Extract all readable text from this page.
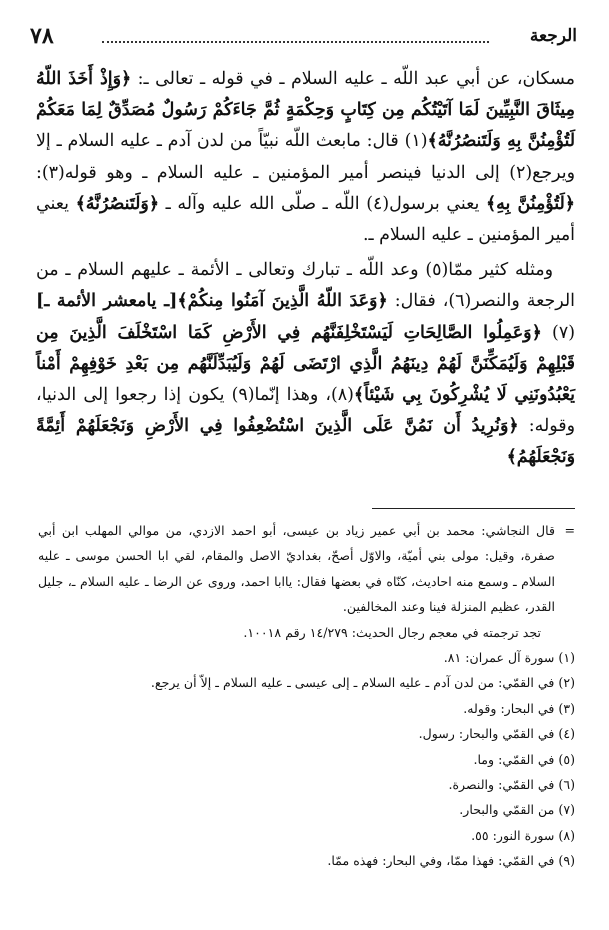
الرجعة
٧٨

مسكان، عن أبي عبد اللّه ـ عليه السلام ـ في قوله ـ تعالى ـ: ﴿وَإِذْ أَخَذَ اللّهُ مِيثَاقَ النَّبِيِّينَ لَمَا آتَيْتُكُم مِن كِتَابٍ وَحِكْمَةٍ ثُمَّ جَاءَكُمْ رَسُولٌ مُصَدِّقٌ لِمَا مَعَكُمْ لَتُؤْمِنُنَّ بِهِ وَلَتَنصُرُنَّهُ﴾(١) قال: مابعث اللّه نبيّاً من لدن آدم ـ عليه السلام ـ إلا ويرجع(٢) إلى الدنيا فينصر أمير المؤمنين ـ عليه السلام ـ وهو قوله(٣): ﴿لَتُؤْمِنُنَّ بِهِ﴾ يعني برسول(٤) اللّه ـ صلّى الله عليه وآله ـ ﴿وَلَتَنصُرُنَّهُ﴾ يعني أمير المؤمنين ـ عليه السلام ـ.

ومثله كثير ممّا(٥) وعد اللّه ـ تبارك وتعالى ـ الأئمة ـ عليهم السلام ـ من الرجعة والنصر(٦)، فقال: ﴿وَعَدَ اللّهُ الَّذِينَ آمَنُوا مِنكُمْ﴾[ـ يامعشر الأئمة ـ](٧) ﴿وَعَمِلُوا الصَّالِحَاتِ لَيَسْتَخْلِفَنَّهُم فِي الأَرْضِ كَمَا اسْتَخْلَفَ الَّذِينَ مِن قَبْلِهِمْ وَلَيُمَكِّنَنَّ لَهُمْ دِينَهُمُ الَّذِي ارْتَضَى لَهُمْ وَلَيُبَدِّلَنَّهُم مِن بَعْدِ خَوْفِهِمْ أَمْناً يَعْبُدُونَنِي لَا يُشْرِكُونَ بِي شَيْئاً﴾(٨)، وهذا إنّما(٩) يكون إذا رجعوا إلى الدنيا، وقوله: ﴿وَنُرِيدُ أَن نَمُنَّ عَلَى الَّذِينَ اسْتُضْعِفُوا فِي الأَرْضِ وَنَجْعَلَهُمْ أَئِمَّةً وَنَجْعَلَهُمُ﴾

=

قال النجاشي: محمد بن أبي عمير زياد بن عيسى، أبو احمد الازدي، من موالي المهلب ابن أبي صفرة، وقيل: مولى بني أميّة، والاوّل أصحّ، بغداديّ الاصل والمقام، لقي ابا الحسن موسى ـ عليه السلام ـ وسمع منه احاديث، كنّاه في بعضها فقال: ياابا احمد، وروى عن الرضا ـ عليه السلام ـ، جليل القدر، عظيم المنزلة فينا وعند المخالفين.

تجد ترجمته في معجم رجال الحديث: ١٤/٢٧٩ رقم ١٠٠١٨.

(١) سورة آل عمران: ٨١.
(٢) في القمّي: من لدن آدم ـ عليه السلام ـ إلى عيسى ـ عليه السلام ـ إلاّ أن يرجع.
(٣) في البحار: وقوله.
(٤) في القمّي والبحار: رسول.
(٥) في القمّي: وما.
(٦) في القمّي: والنصرة.
(٧) من القمّي والبحار.
(٨) سورة النور: ٥٥.
(٩) في القمّي: فهذا ممّا، وفي البحار: فهذه ممّا.
